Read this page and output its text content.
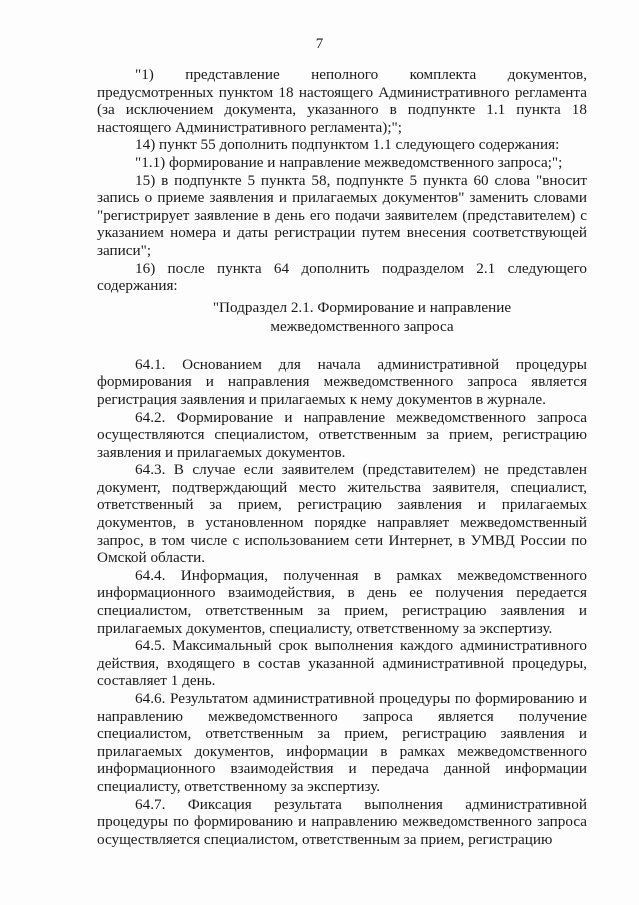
7

"1) представление неполного комплекта документов, предусмотренных пунктом 18 настоящего Административного регламента (за исключением документа, указанного в подпункте 1.1 пункта 18 настоящего Административного регламента);";

14) пункт 55 дополнить подпунктом 1.1 следующего содержания:

"1.1) формирование и направление межведомственного запроса;";

15) в подпункте 5 пункта 58, подпункте 5 пункта 60 слова "вносит запись о приеме заявления и прилагаемых документов" заменить словами "регистрирует заявление в день его подачи заявителем (представителем) с указанием номера и даты регистрации путем внесения соответствующей записи";

16) после пункта 64 дополнить подразделом 2.1 следующего содержания:

"Подраздел 2.1. Формирование и направление
межведомственного запроса

64.1. Основанием для начала административной процедуры формирования и направления межведомственного запроса является регистрация заявления и прилагаемых к нему документов в журнале.

64.2. Формирование и направление межведомственного запроса осуществляются специалистом, ответственным за прием, регистрацию заявления и прилагаемых документов.

64.3. В случае если заявителем (представителем) не представлен документ, подтверждающий место жительства заявителя, специалист, ответственный за прием, регистрацию заявления и прилагаемых документов, в установленном порядке направляет межведомственный запрос, в том числе с использованием сети Интернет, в УМВД России по Омской области.

64.4. Информация, полученная в рамках межведомственного информационного взаимодействия, в день ее получения передается специалистом, ответственным за прием, регистрацию заявления и прилагаемых документов, специалисту, ответственному за экспертизу.

64.5. Максимальный срок выполнения каждого административного действия, входящего в состав указанной административной процедуры, составляет 1 день.

64.6. Результатом административной процедуры по формированию и направлению межведомственного запроса является получение специалистом, ответственным за прием, регистрацию заявления и прилагаемых документов, информации в рамках межведомственного информационного взаимодействия и передача данной информации специалисту, ответственному за экспертизу.

64.7. Фиксация результата выполнения административной процедуры по формированию и направлению межведомственного запроса осуществляется специалистом, ответственным за прием, регистрацию
